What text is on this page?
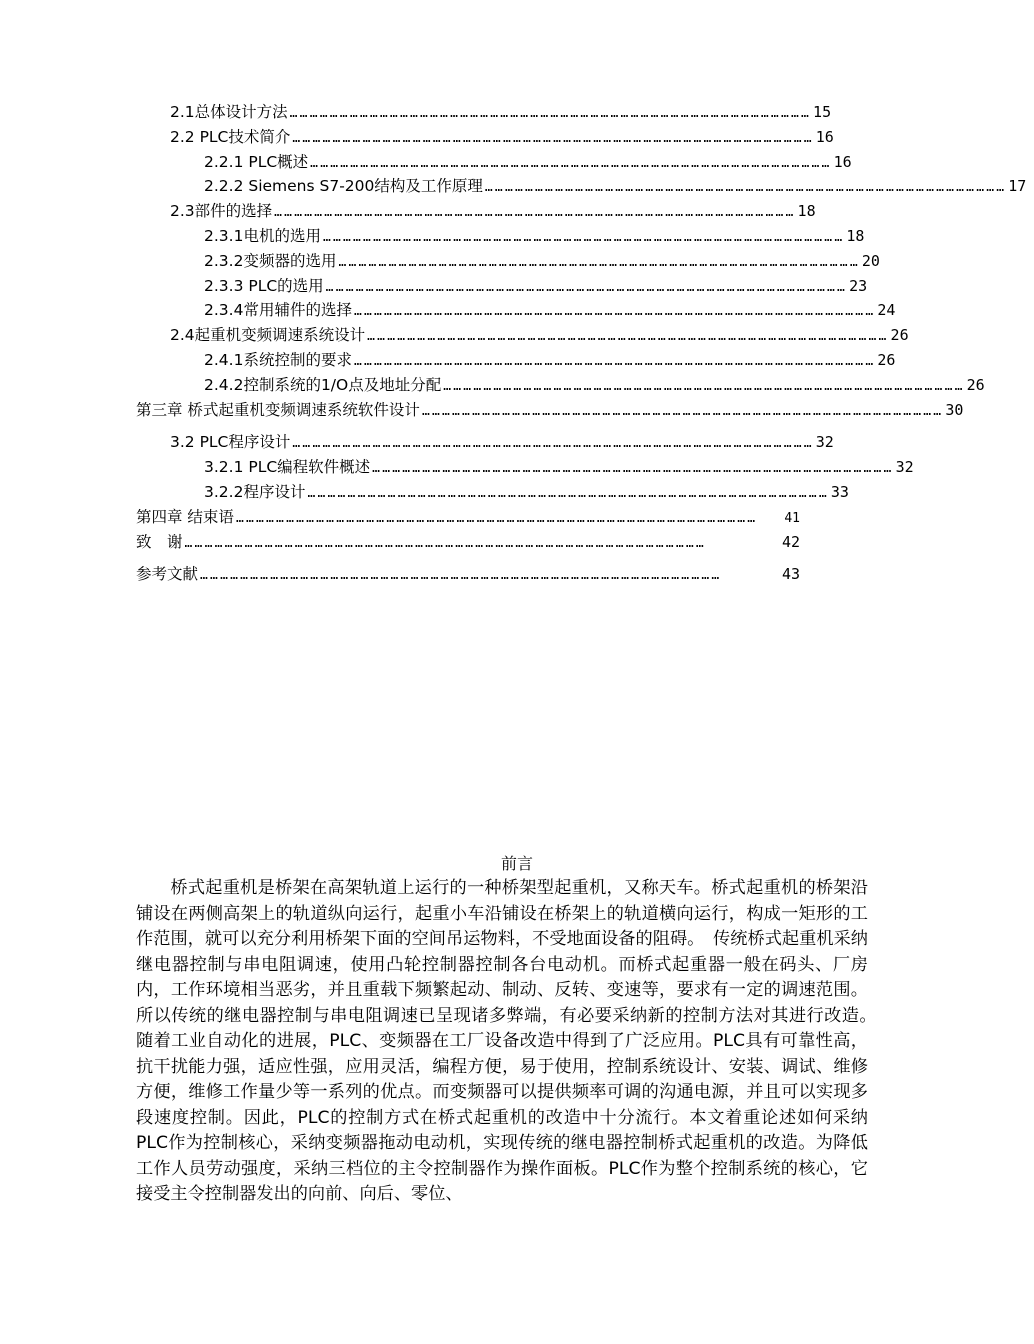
2.1总体设计方法 ………………………………………………………………………………………………………………………………………… 15
2.2 PLC技术简介 ………………………………………………………………………………………………………………………………………… 16
2.2.1 PLC概述 ………………………………………………………………………………………………………………………………………… 16
2.2.2 Siemens S7-200结构及工作原理 ………………………………………………………………………………………………………………………………………… 17
2.3部件的选择 ………………………………………………………………………………………………………………………………………… 18
2.3.1电机的选用 ………………………………………………………………………………………………………………………………………… 18
2.3.2变频器的选用 ………………………………………………………………………………………………………………………………………… 20
2.3.3 PLC的选用 ………………………………………………………………………………………………………………………………………… 23
2.3.4常用辅件的选择 ………………………………………………………………………………………………………………………………………… 24
2.4起重机变频调速系统设计 ………………………………………………………………………………………………………………………………………… 26
2.4.1系统控制的要求 ………………………………………………………………………………………………………………………………………… 26
2.4.2控制系统的1/O点及地址分配 ………………………………………………………………………………………………………………………………………… 26
第三章 桥式起重机变频调速系统软件设计 ………………………………………………………………………………………………………………………………………… 30
3.2 PLC程序设计 ………………………………………………………………………………………………………………………………………… 32
3.2.1 PLC编程软件概述 ………………………………………………………………………………………………………………………………………… 32
3.2.2程序设计 ………………………………………………………………………………………………………………………………………… 33
第四章 结束语 …………………………………………………………………………………………………………………………………………	41
致　谢 …………………………………………………………………………………………………………………………………………	42
参考文献 …………………………………………………………………………………………………………………………………………	43
前言

桥式起重机是桥架在高架轨道上运行的一种桥架型起重机，又称天车。桥式起重机的桥架沿铺设在两侧高架上的轨道纵向运行，起重小车沿铺设在桥架上的轨道横向运行，构成一矩形的工作范围，就可以充分利用桥架下面的空间吊运物料，不受地面设备的阻碍。　传统桥式起重机采纳继电器控制与串电阻调速，使用凸轮控制器控制各台电动机。而桥式起重器一般在码头、厂房内，工作环境相当恶劣，并且重载下频繁起动、制动、反转、变速等，要求有一定的调速范围。所以传统的继电器控制与串电阻调速已呈现诸多弊端，有必要采纳新的控制方法对其进行改造。　随着工业自动化的进展，PLC、变频器在工厂设备改造中得到了广泛应用。PLC具有可靠性高，抗干扰能力强，适应性强，应用灵活，编程方便，易于使用，控制系统设计、安装、调试、维修方便，维修工作量少等一系列的优点。而变频器可以提供频率可调的沟通电源，并且可以实现多段速度控制。因此，PLC的控制方式在桥式起重机的改造中十分流行。本文着重论述如何采纳PLC作为控制核心，采纳变频器拖动电动机，实现传统的继电器控制桥式起重机的改造。为降低工作人员劳动强度，采纳三档位的主令控制器作为操作面板。PLC作为整个控制系统的核心，它接受主令控制器发出的向前、向后、零位、
